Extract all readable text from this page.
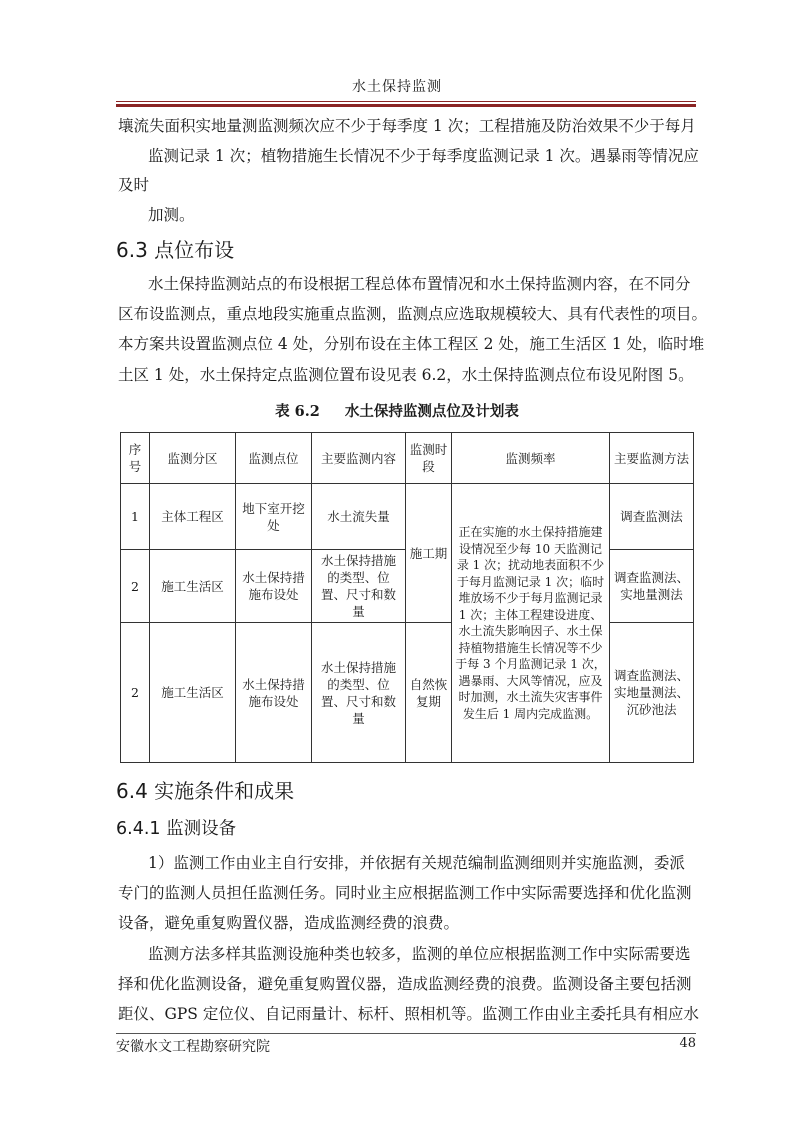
水土保持监测
壤流失面积实地量测监测频次应不少于每季度 1 次；工程措施及防治效果不少于每月
监测记录 1 次；植物措施生长情况不少于每季度监测记录 1 次。遇暴雨等情况应
及时
加测。
6.3 点位布设
水土保持监测站点的布设根据工程总体布置情况和水土保持监测内容，在不同分
区布设监测点，重点地段实施重点监测，监测点应选取规模较大、具有代表性的项目。
本方案共设置监测点位 4 处，分别布设在主体工程区 2 处，施工生活区 1 处，临时堆
土区 1 处，水土保持定点监测位置布设见表 6.2，水土保持监测点位布设见附图 5。
表 6.2 水土保持监测点位及计划表
序号	监测分区	监测点位	主要监测内容	监测时段	监测频率	主要监测方法
1	主体工程区	地下室开挖处	水土流失量	施工期	正在实施的水土保持措施建设情况至少每 10 天监测记录 1 次；扰动地表面积不少于每月监测记录 1 次；临时堆放场不少于每月监测记录 1 次；主体工程建设进度、水土流失影响因子、水土保持植物措施生长情况等不少于每 3 个月监测记录 1 次，遇暴雨、大风等情况，应及时加测，水土流失灾害事件发生后 1 周内完成监测。	调查监测法
2	施工生活区	水土保持措施布设处	水土保持措施的类型、位置、尺寸和数量			调查监测法、实地量测法
2	施工生活区	水土保持措施布设处	水土保持措施的类型、位置、尺寸和数量	自然恢复期		调查监测法、实地量测法、沉砂池法
6.4 实施条件和成果
6.4.1 监测设备
1）监测工作由业主自行安排，并依据有关规范编制监测细则并实施监测，委派
专门的监测人员担任监测任务。同时业主应根据监测工作中实际需要选择和优化监测
设备，避免重复购置仪器，造成监测经费的浪费。
监测方法多样其监测设施种类也较多，监测的单位应根据监测工作中实际需要选
择和优化监测设备，避免重复购置仪器，造成监测经费的浪费。监测设备主要包括测
距仪、GPS 定位仪、自记雨量计、标杆、照相机等。监测工作由业主委托具有相应水
安徽水文工程勘察研究院	48
